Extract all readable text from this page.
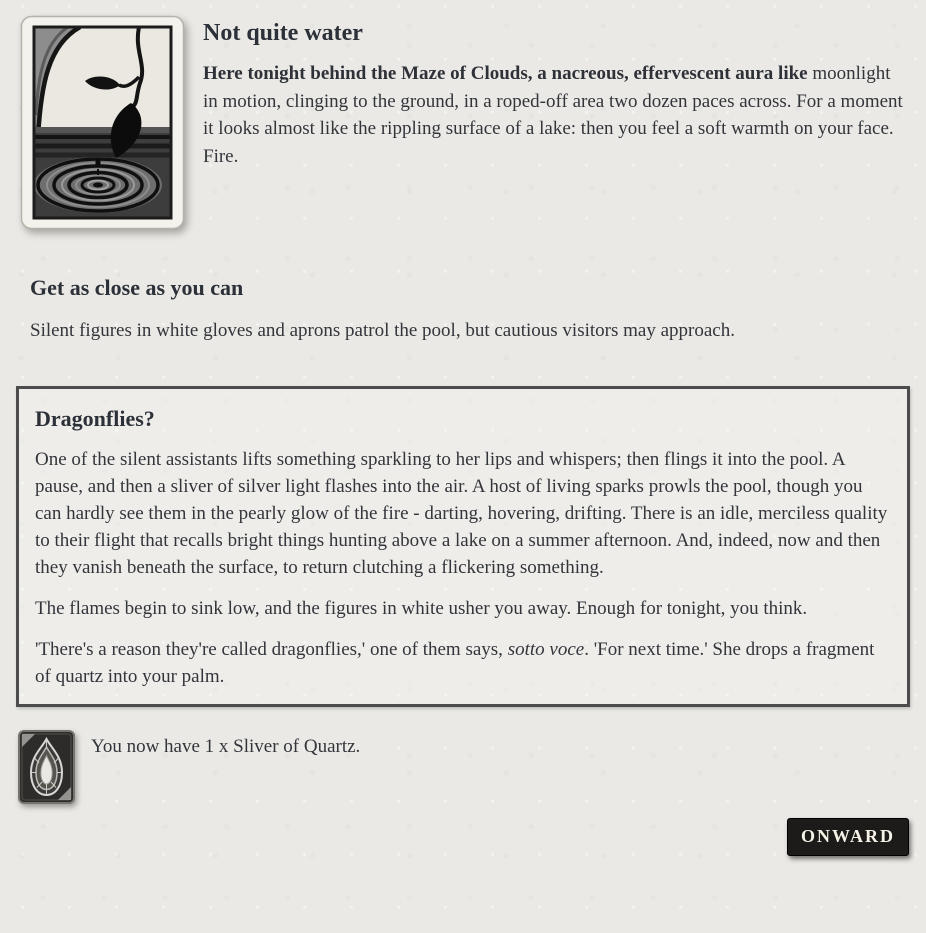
Not quite water

Here tonight behind the Maze of Clouds, a nacreous, effervescent aura like moonlight in motion, clinging to the ground, in a roped-off area two dozen paces across. For a moment it looks almost like the rippling surface of a lake: then you feel a soft warmth on your face. Fire.

Get as close as you can

Silent figures in white gloves and aprons patrol the pool, but cautious visitors may approach.

Dragonflies?

One of the silent assistants lifts something sparkling to her lips and whispers; then flings it into the pool. A pause, and then a sliver of silver light flashes into the air. A host of living sparks prowls the pool, though you can hardly see them in the pearly glow of the fire - darting, hovering, drifting. There is an idle, merciless quality to their flight that recalls bright things hunting above a lake on a summer afternoon. And, indeed, now and then they vanish beneath the surface, to return clutching a flickering something.

The flames begin to sink low, and the figures in white usher you away. Enough for tonight, you think.

'There's a reason they're called dragonflies,' one of them says, sotto voce. 'For next time.' She drops a fragment of quartz into your palm.

You now have 1 x Sliver of Quartz.

ONWARD
